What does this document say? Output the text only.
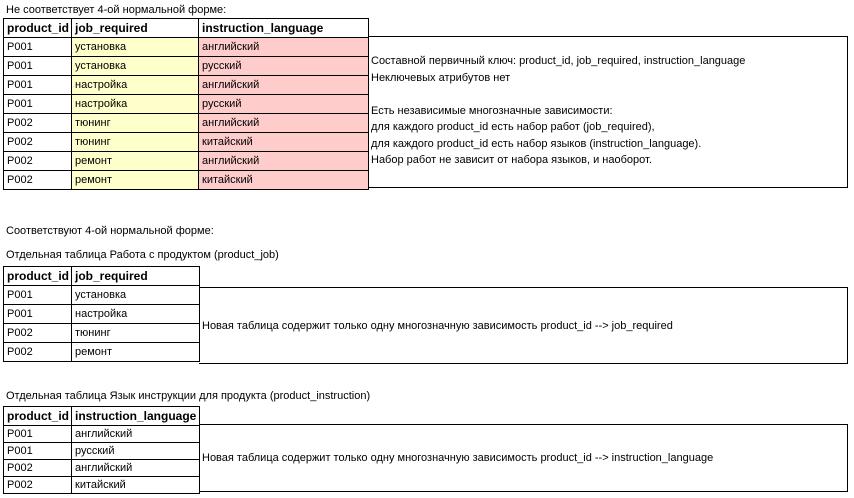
Не соответствует 4-ой нормальной форме:
product_id	job_required	instruction_language
P001	установка	английский
P001	установка	русский
P001	настройка	английский
P001	настройка	русский
P002	тюнинг	английский
P002	тюнинг	китайский
P002	ремонт	английский
P002	ремонт	китайский
Составной первичный ключ: product_id, job_required, instruction_language
Неключевых атрибутов нет
Есть независимые многозначные зависимости:
для каждого product_id есть набор работ (job_required),
для каждого product_id есть набор языков (instruction_language).
Набор работ не зависит от набора языков, и наоборот.
Соответствуют 4-ой нормальной форме:
Отдельная таблица Работа с продуктом (product_job)
product_id	job_required
P001	установка
P001	настройка
P002	тюнинг
P002	ремонт
Новая таблица содержит только одну многозначную зависимость product_id --> job_required
Отдельная таблица Язык инструкции для продукта (product_instruction)
product_id	instruction_language
P001	английский
P001	русский
P002	английский
P002	китайский
Новая таблица содержит только одну многозначную зависимость product_id --> instruction_language
